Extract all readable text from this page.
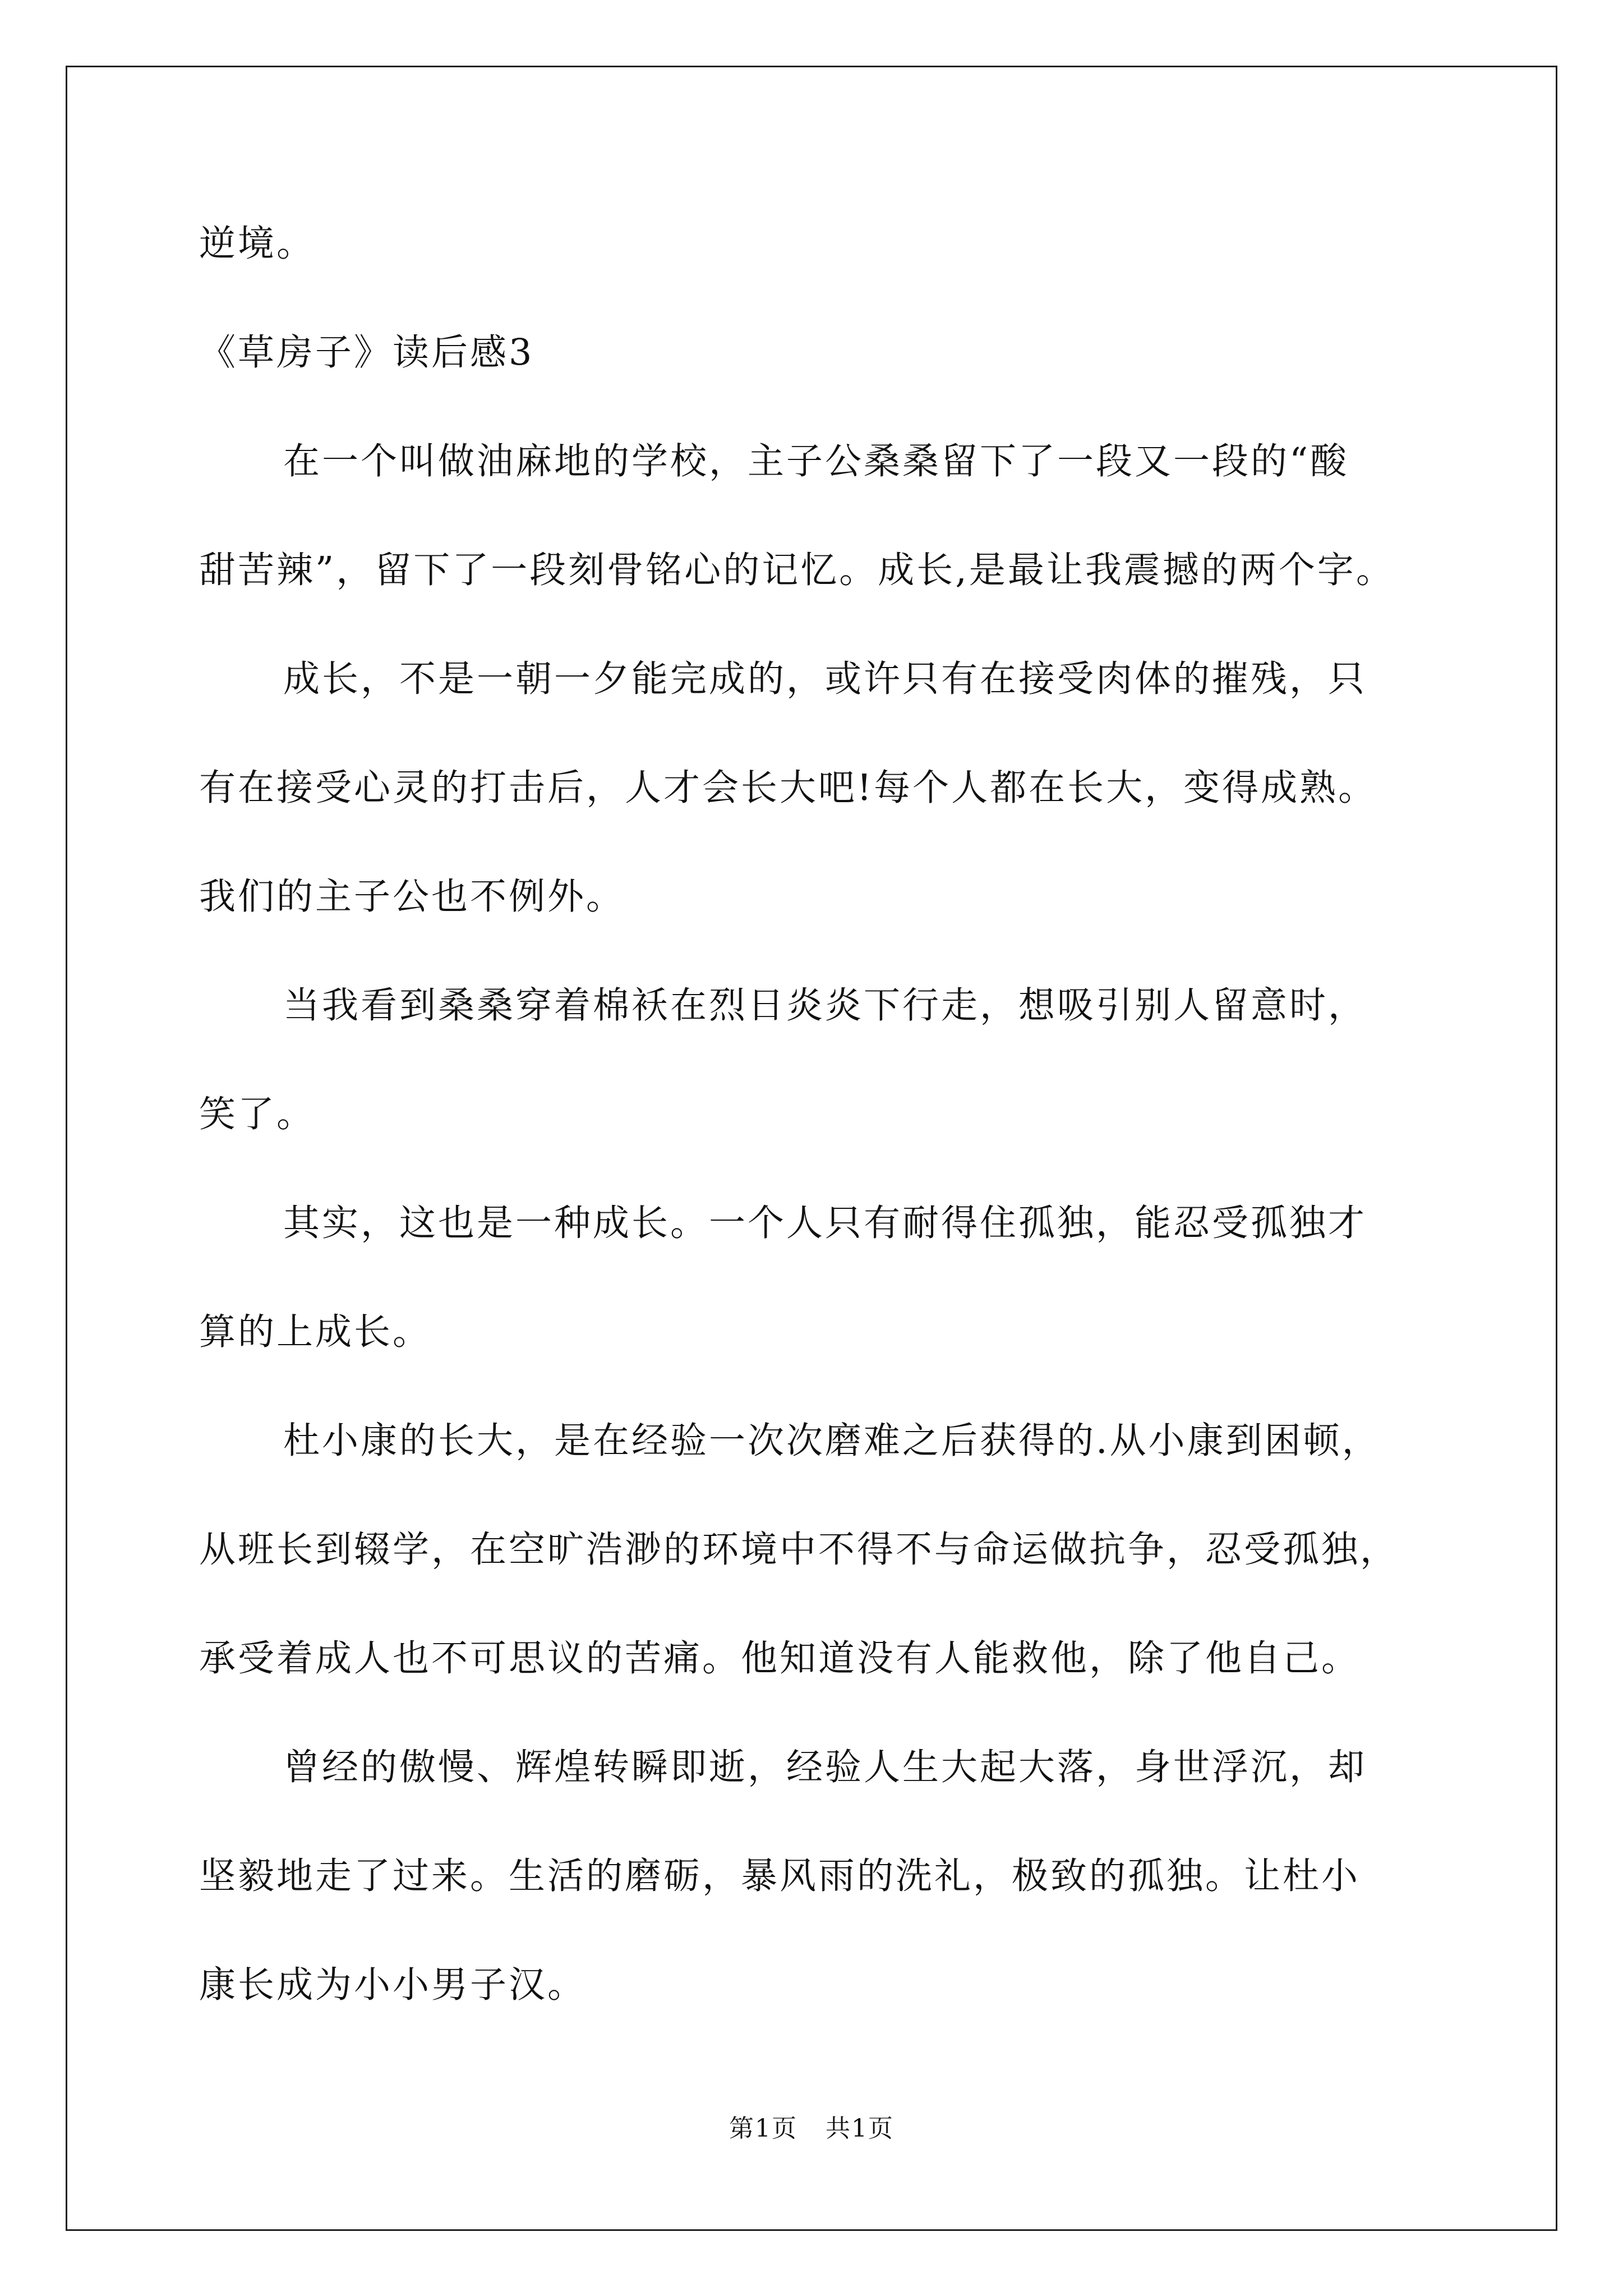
逆境。
《草房子》读后感3
在一个叫做油麻地的学校，主子公桑桑留下了一段又一段的“酸
甜苦辣”，留下了一段刻骨铭心的记忆。成长,是最让我震撼的两个字。
成长，不是一朝一夕能完成的，或许只有在接受肉体的摧残，只
有在接受心灵的打击后，人才会长大吧!每个人都在长大，变得成熟。
我们的主子公也不例外。
当我看到桑桑穿着棉袄在烈日炎炎下行走，想吸引别人留意时，
笑了。
其实，这也是一种成长。一个人只有耐得住孤独，能忍受孤独才
算的上成长。
杜小康的长大，是在经验一次次磨难之后获得的.从小康到困顿，
从班长到辍学，在空旷浩渺的环境中不得不与命运做抗争，忍受孤独，
承受着成人也不可思议的苦痛。他知道没有人能救他，除了他自己。
曾经的傲慢、辉煌转瞬即逝，经验人生大起大落，身世浮沉，却
坚毅地走了过来。生活的磨砺，暴风雨的洗礼，极致的孤独。让杜小
康长成为小小男子汉。
第1页 共1页
